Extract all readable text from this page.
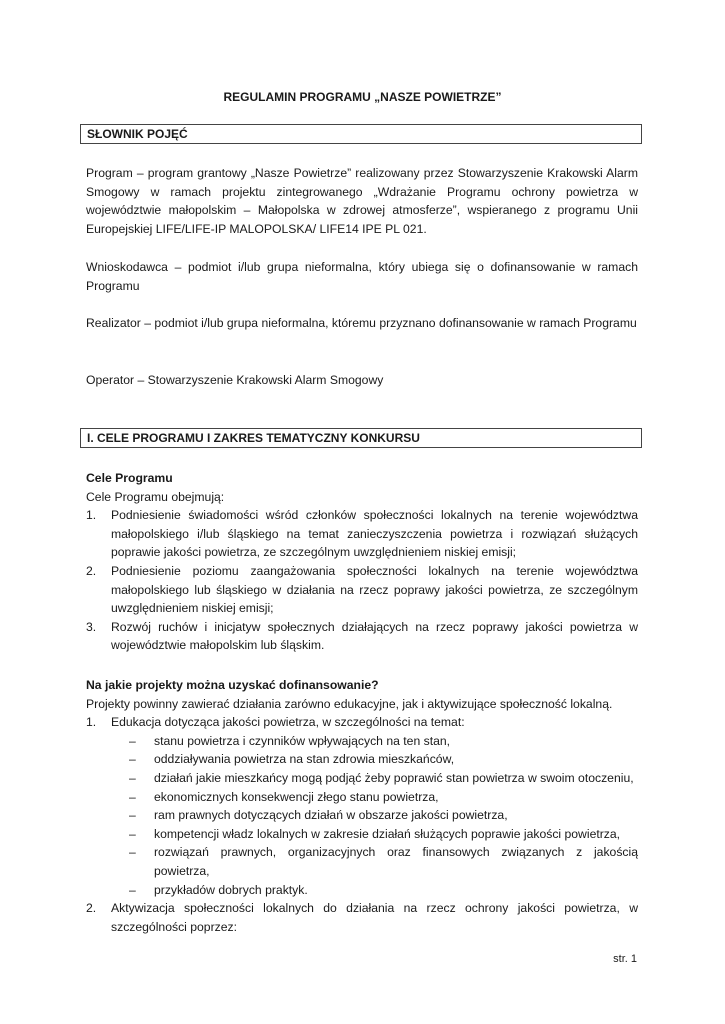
REGULAMIN PROGRAMU „NASZE POWIETRZE”
SŁOWNIK POJĘĆ
Program – program grantowy „Nasze Powietrze” realizowany przez Stowarzyszenie Krakowski Alarm Smogowy w ramach projektu zintegrowanego „Wdrażanie Programu ochrony powietrza w województwie małopolskim – Małopolska w zdrowej atmosferze”, wspieranego z programu Unii Europejskiej LIFE/LIFE-IP MALOPOLSKA/ LIFE14 IPE PL 021.
Wnioskodawca – podmiot i/lub grupa nieformalna, który ubiega się o dofinansowanie w ramach Programu
Realizator – podmiot i/lub grupa nieformalna, któremu przyznano dofinansowanie w ramach Programu
Operator – Stowarzyszenie Krakowski Alarm Smogowy
I. CELE PROGRAMU I ZAKRES TEMATYCZNY KONKURSU
Cele Programu
Cele Programu obejmują:
1. Podniesienie świadomości wśród członków społeczności lokalnych na terenie województwa małopolskiego i/lub śląskiego na temat zanieczyszczenia powietrza i rozwiązań służących poprawie jakości powietrza, ze szczególnym uwzględnieniem niskiej emisji;
2. Podniesienie poziomu zaangażowania społeczności lokalnych na terenie województwa małopolskiego lub śląskiego w działania na rzecz poprawy jakości powietrza, ze szczególnym uwzględnieniem niskiej emisji;
3. Rozwój ruchów i inicjatyw społecznych działających na rzecz poprawy jakości powietrza w województwie małopolskim lub śląskim.
Na jakie projekty można uzyskać dofinansowanie?
Projekty powinny zawierać działania zarówno edukacyjne, jak i aktywizujące społeczność lokalną.
1. Edukacja dotycząca jakości powietrza, w szczególności na temat:
– stanu powietrza i czynników wpływających na ten stan,
– oddziaływania powietrza na stan zdrowia mieszkańców,
– działań jakie mieszkańcy mogą podjąć żeby poprawić stan powietrza w swoim otoczeniu,
– ekonomicznych konsekwencji złego stanu powietrza,
– ram prawnych dotyczących działań w obszarze jakości powietrza,
– kompetencji władz lokalnych w zakresie działań służących poprawie jakości powietrza,
– rozwiązań prawnych, organizacyjnych oraz finansowych związanych z jakością powietrza,
– przykładów dobrych praktyk.
2. Aktywizacja społeczności lokalnych do działania na rzecz ochrony jakości powietrza, w szczególności poprzez:
str. 1
